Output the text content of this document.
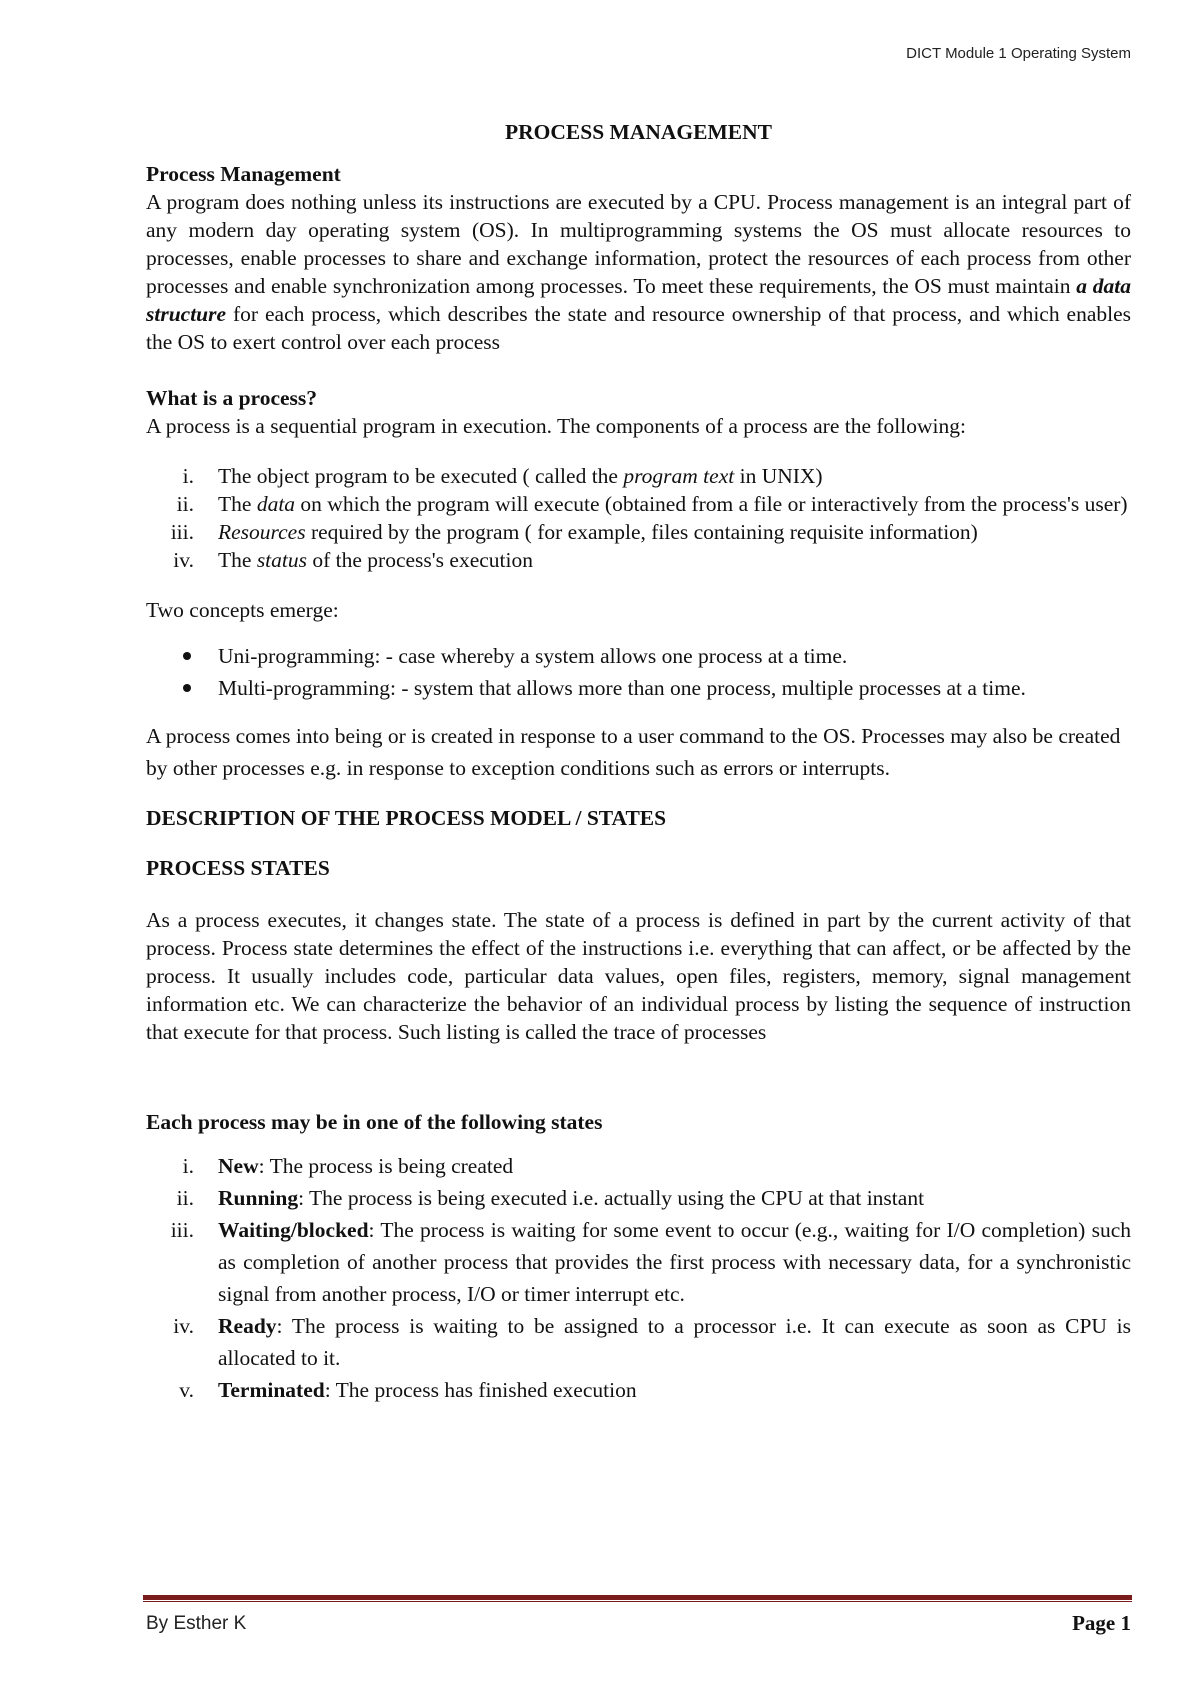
DICT Module 1 Operating System

PROCESS MANAGEMENT

Process Management

A program does nothing unless its instructions are executed by a CPU. Process management is an integral part of any modern day operating system (OS). In multiprogramming systems the OS must allocate resources to processes, enable processes to share and exchange information, protect the resources of each process from other processes and enable synchronization among processes. To meet these requirements, the OS must maintain a data structure for each process, which describes the state and resource ownership of that process, and which enables the OS to exert control over each process

What is a process?

A process is a sequential program in execution. The components of a process are the following:

i. The object program to be executed ( called the program text in UNIX)
ii. The data on which the program will execute (obtained from a file or interactively from the process's user)
iii. Resources required by the program ( for example, files containing requisite information)
iv. The status of the process's execution

Two concepts emerge:

Uni-programming: - case whereby a system allows one process at a time.
Multi-programming: - system that allows more than one process, multiple processes at a time.

A process comes into being or is created in response to a user command to the OS. Processes may also be created by other processes e.g. in response to exception conditions such as errors or interrupts.

DESCRIPTION OF THE PROCESS MODEL / STATES

PROCESS STATES

As a process executes, it changes state. The state of a process is defined in part by the current activity of that process. Process state determines the effect of the instructions i.e. everything that can affect, or be affected by the process. It usually includes code, particular data values, open files, registers, memory, signal management information etc. We can characterize the behavior of an individual process by listing the sequence of instruction that execute for that process. Such listing is called the trace of processes

Each process may be in one of the following states

i. New: The process is being created
ii. Running: The process is being executed i.e. actually using the CPU at that instant
iii. Waiting/blocked: The process is waiting for some event to occur (e.g., waiting for I/O completion) such as completion of another process that provides the first process with necessary data, for a synchronistic signal from another process, I/O or timer interrupt etc.
iv. Ready: The process is waiting to be assigned to a processor i.e. It can execute as soon as CPU is allocated to it.
v. Terminated: The process has finished execution
By Esther K	Page 1
